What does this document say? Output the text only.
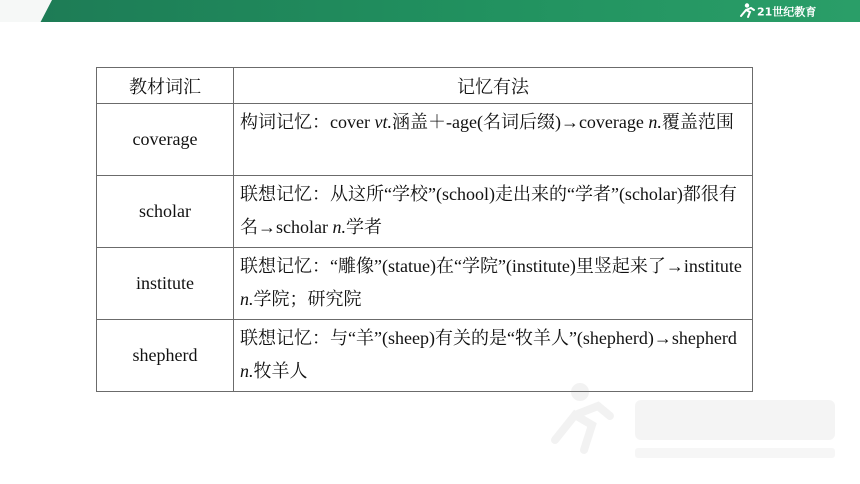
21世纪教育
教材词汇	记忆有法
coverage	构词记忆：cover vt.涵盖＋-age(名词后缀)→coverage n.覆盖范围
scholar	联想记忆：从这所“学校”(school)走出来的“学者”(scholar)都很有名→scholar n.学者
institute	联想记忆：“雕像”(statue)在“学院”(institute)里竖起来了→institute n.学院；研究院
shepherd	联想记忆：与“羊”(sheep)有关的是“牧羊人”(shepherd)→shepherd n.牧羊人
